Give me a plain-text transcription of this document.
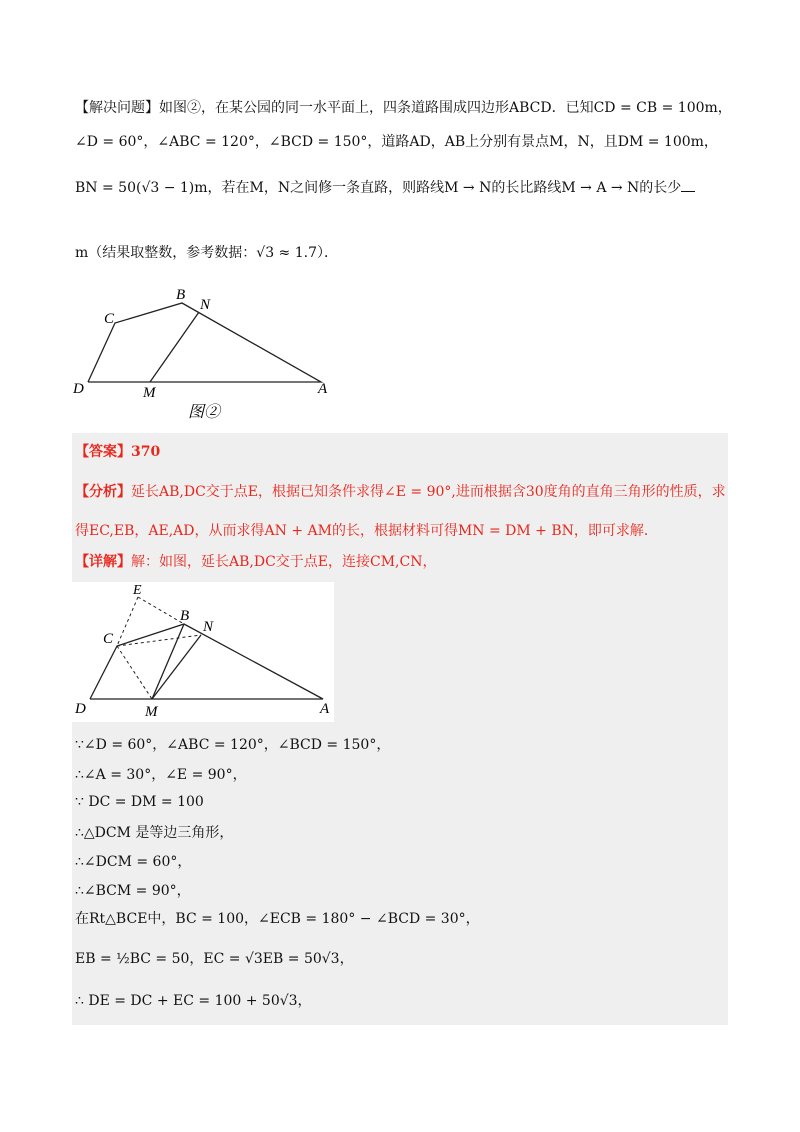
【解决问题】如图②，在某公园的同一水平面上，四条道路围成四边形ABCD．已知CD = CB = 100m，
∠D = 60°，∠ABC = 120°，∠BCD = 150°，道路AD，AB上分别有景点M，N，且DM = 100m，
BN = 50(√3 − 1)m，若在M，N之间修一条直路，则路线M → N的长比路线M → A → N的长少
m（结果取整数，参考数据：√3 ≈ 1.7）．
C
B
N
D	M	A
图②
【答案】370
【分析】延长AB,DC交于点E，根据已知条件求得∠E = 90°,进而根据含30度角的直角三角形的性质，求
得EC,EB，AE,AD，从而求得AN + AM的长，根据材料可得MN = DM + BN，即可求解．
【详解】解：如图，延长AB,DC交于点E，连接CM,CN，
E
C
B
N
D	M	A
∵∠D = 60°，∠ABC = 120°，∠BCD = 150°，
∴∠A = 30°，∠E = 90°，
∵ DC = DM = 100
∴△DCM 是等边三角形，
∴∠DCM = 60°，
∴∠BCM = 90°，
在Rt△BCE中，BC = 100，∠ECB = 180° − ∠BCD = 30°，
EB = ½BC = 50，EC = √3EB = 50√3，
∴ DE = DC + EC = 100 + 50√3，
